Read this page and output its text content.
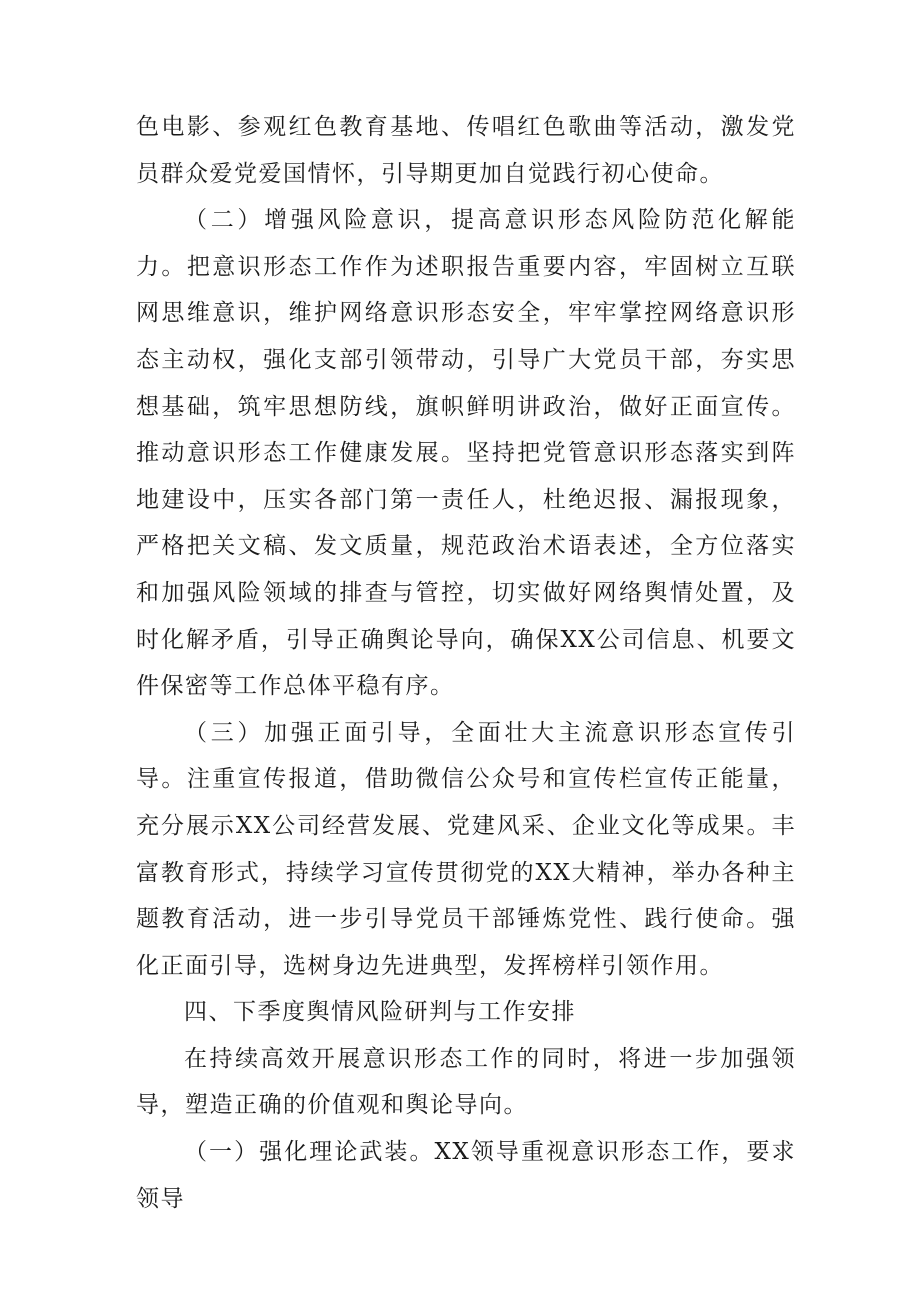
色电影、参观红色教育基地、传唱红色歌曲等活动，激发党员群众爱党爱国情怀，引导期更加自觉践行初心使命。

（二）增强风险意识，提高意识形态风险防范化解能力。把意识形态工作作为述职报告重要内容，牢固树立互联网思维意识，维护网络意识形态安全，牢牢掌控网络意识形态主动权，强化支部引领带动，引导广大党员干部，夯实思想基础，筑牢思想防线，旗帜鲜明讲政治，做好正面宣传。推动意识形态工作健康发展。坚持把党管意识形态落实到阵地建设中，压实各部门第一责任人，杜绝迟报、漏报现象，严格把关文稿、发文质量，规范政治术语表述，全方位落实和加强风险领域的排查与管控，切实做好网络舆情处置，及时化解矛盾，引导正确舆论导向，确保XX公司信息、机要文件保密等工作总体平稳有序。

（三）加强正面引导，全面壮大主流意识形态宣传引导。注重宣传报道，借助微信公众号和宣传栏宣传正能量，充分展示XX公司经营发展、党建风采、企业文化等成果。丰富教育形式，持续学习宣传贯彻党的XX大精神，举办各种主题教育活动，进一步引导党员干部锤炼党性、践行使命。强化正面引导，选树身边先进典型，发挥榜样引领作用。

四、下季度舆情风险研判与工作安排

在持续高效开展意识形态工作的同时，将进一步加强领导，塑造正确的价值观和舆论导向。

（一）强化理论武装。XX领导重视意识形态工作，要求领导
